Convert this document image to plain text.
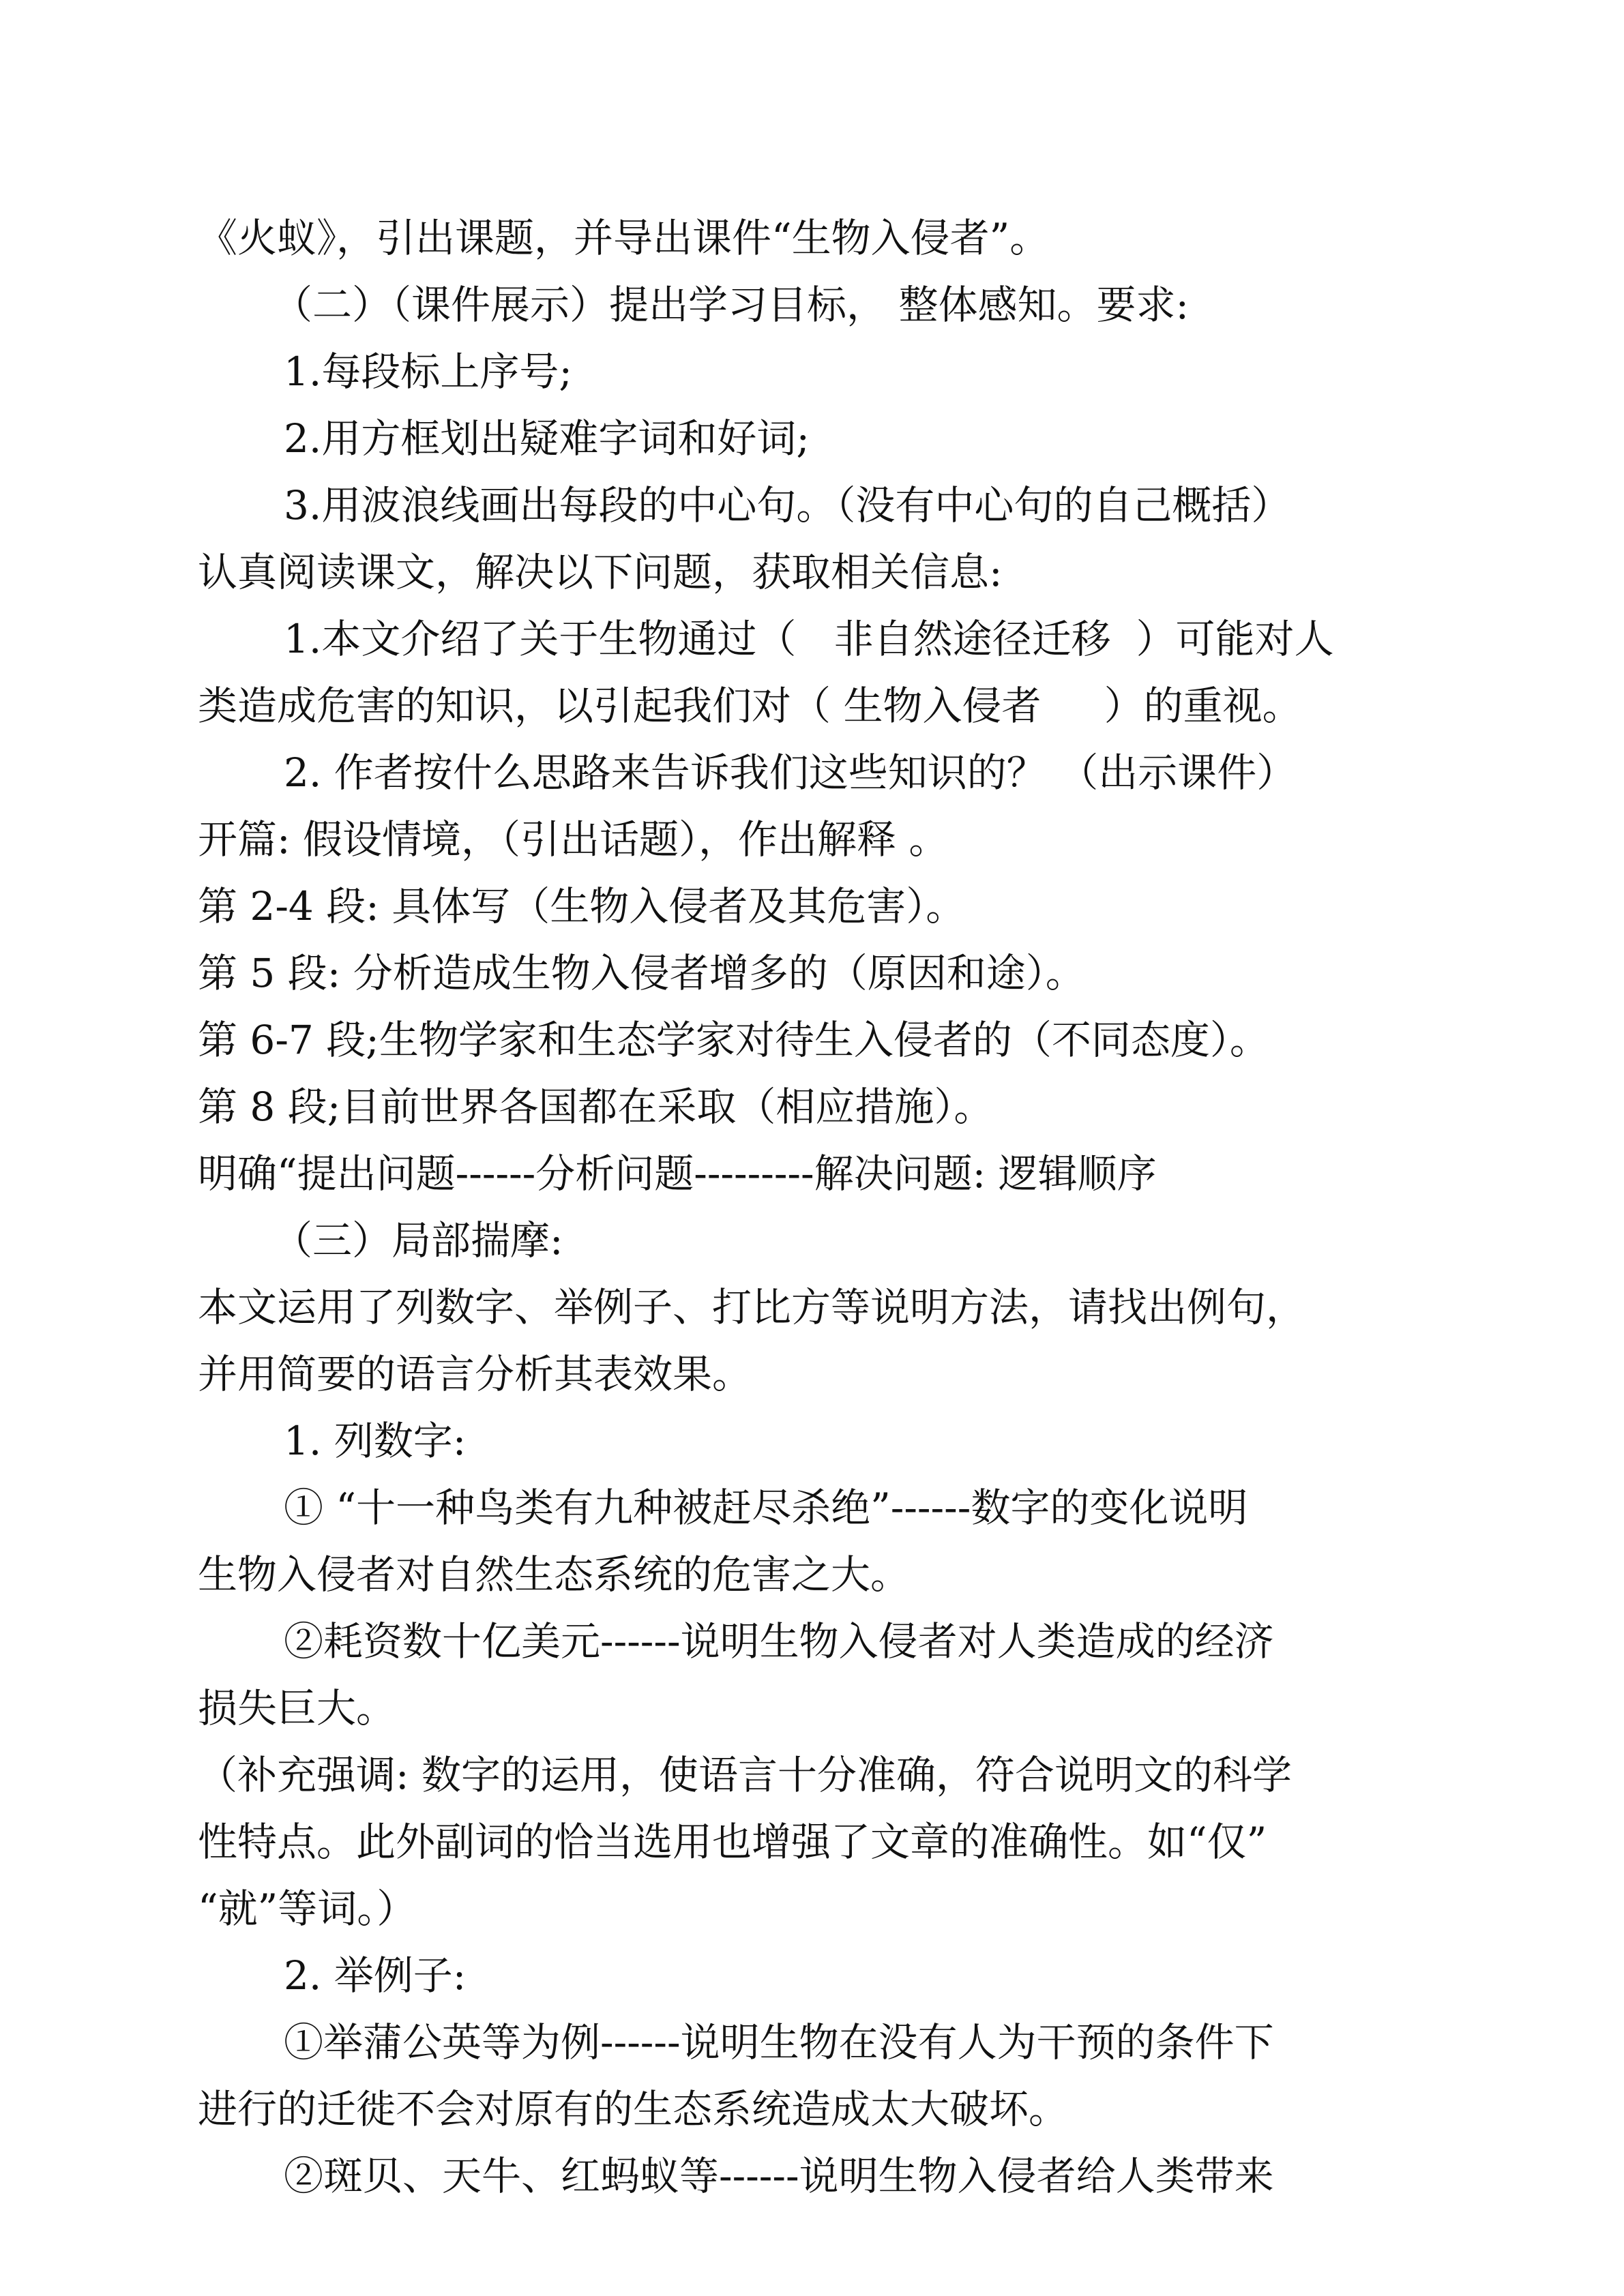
《火蚁》，引出课题，并导出课件“生物入侵者”。
（二）（课件展示）提出学习目标， 整体感知。要求:
1.每段标上序号;
2.用方框划出疑难字词和好词;
3.用波浪线画出每段的中心句。（没有中心句的自己概括）
认真阅读课文，解决以下问题，获取相关信息:
1.本文介绍了关于生物通过（   非自然途径迁移  ）可能对人
类造成危害的知识，以引起我们对（ 生物入侵者     ）的重视。
2. 作者按什么思路来告诉我们这些知识的？ （出示课件）
开篇: 假设情境，（引出话题），作出解释 。
第 2-4 段: 具体写（生物入侵者及其危害）。
第 5 段: 分析造成生物入侵者增多的（原因和途）。
第 6-7 段;生物学家和生态学家对待生入侵者的（不同态度）。
第 8 段;目前世界各国都在采取（相应措施）。
明确“提出问题------分析问题---------解决问题: 逻辑顺序
（三）局部揣摩:
本文运用了列数字、举例子、打比方等说明方法，请找出例句，
并用简要的语言分析其表效果。
1. 列数字:
① “十一种鸟类有九种被赶尽杀绝”------数字的变化说明
生物入侵者对自然生态系统的危害之大。
②耗资数十亿美元------说明生物入侵者对人类造成的经济
损失巨大。
（补充强调: 数字的运用，使语言十分准确，符合说明文的科学
性特点。此外副词的恰当选用也增强了文章的准确性。如“仅”
“就”等词。）
2. 举例子:
①举蒲公英等为例------说明生物在没有人为干预的条件下
进行的迁徙不会对原有的生态系统造成太大破坏。
②斑贝、天牛、红蚂蚁等------说明生物入侵者给人类带来
